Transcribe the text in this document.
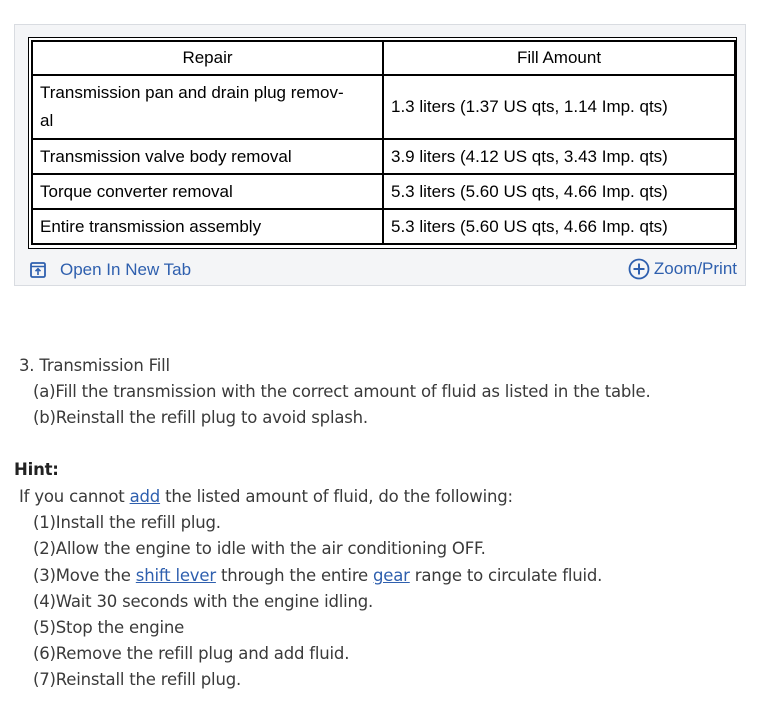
Repair	Fill Amount
Transmission pan and drain plug remov-
al	1.3 liters (1.37 US qts, 1.14 Imp. qts)
Transmission valve body removal	3.9 liters (4.12 US qts, 3.43 Imp. qts)
Torque converter removal	5.3 liters (5.60 US qts, 4.66 Imp. qts)
Entire transmission assembly	5.3 liters (5.60 US qts, 4.66 Imp. qts)
Open In New Tab	Zoom/Print
3. Transmission Fill
(a)Fill the transmission with the correct amount of fluid as listed in the table.
(b)Reinstall the refill plug to avoid splash.
Hint:
If you cannot add the listed amount of fluid, do the following:
(1)Install the refill plug.
(2)Allow the engine to idle with the air conditioning OFF.
(3)Move the shift lever through the entire gear range to circulate fluid.
(4)Wait 30 seconds with the engine idling.
(5)Stop the engine
(6)Remove the refill plug and add fluid.
(7)Reinstall the refill plug.
